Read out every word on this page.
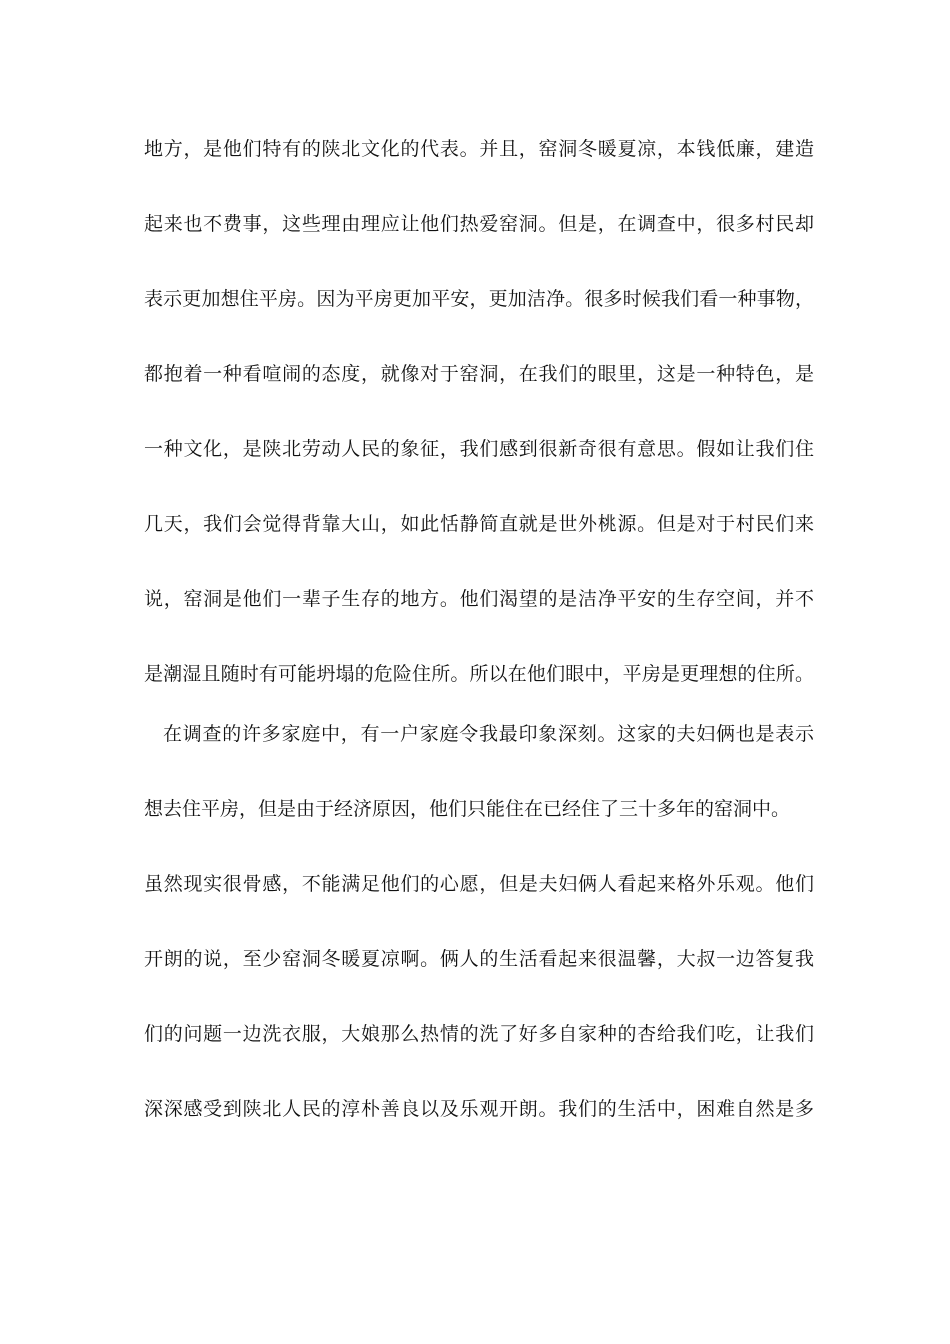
地方，是他们特有的陕北文化的代表。并且，窑洞冬暖夏凉，本钱低廉，建造
起来也不费事，这些理由理应让他们热爱窑洞。但是，在调查中，很多村民却
表示更加想住平房。因为平房更加平安，更加洁净。很多时候我们看一种事物，
都抱着一种看喧闹的态度，就像对于窑洞，在我们的眼里，这是一种特色，是
一种文化，是陕北劳动人民的象征，我们感到很新奇很有意思。假如让我们住
几天，我们会觉得背靠大山，如此恬静简直就是世外桃源。但是对于村民们来
说，窑洞是他们一辈子生存的地方。他们渴望的是洁净平安的生存空间，并不
是潮湿且随时有可能坍塌的危险住所。所以在他们眼中，平房是更理想的住所。
在调查的许多家庭中，有一户家庭令我最印象深刻。这家的夫妇俩也是表示
想去住平房，但是由于经济原因，他们只能住在已经住了三十多年的窑洞中。
虽然现实很骨感，不能满足他们的心愿，但是夫妇俩人看起来格外乐观。他们
开朗的说，至少窑洞冬暖夏凉啊。俩人的生活看起来很温馨，大叔一边答复我
们的问题一边洗衣服，大娘那么热情的洗了好多自家种的杏给我们吃，让我们
深深感受到陕北人民的淳朴善良以及乐观开朗。我们的生活中，困难自然是多
